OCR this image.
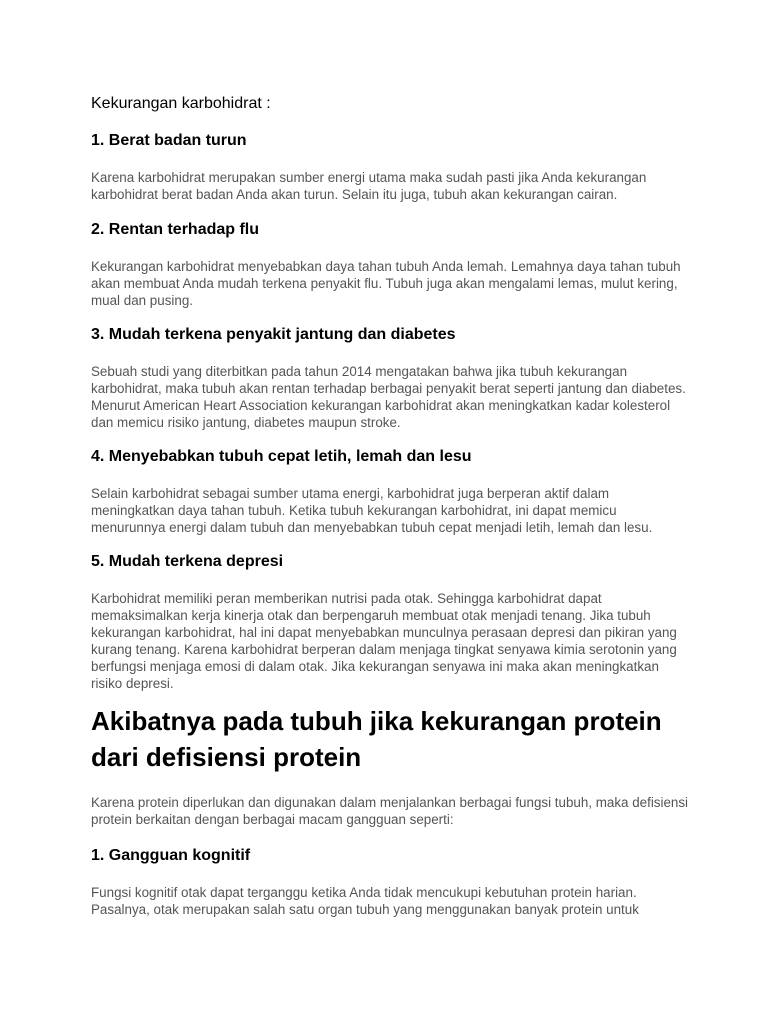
Kekurangan karbohidrat :
1. Berat badan turun

Karena karbohidrat merupakan sumber energi utama maka sudah pasti jika Anda kekurangan karbohidrat berat badan Anda akan turun. Selain itu juga, tubuh akan kekurangan cairan.

2. Rentan terhadap flu

Kekurangan karbohidrat menyebabkan daya tahan tubuh Anda lemah. Lemahnya daya tahan tubuh akan membuat Anda mudah terkena penyakit flu. Tubuh juga akan mengalami lemas, mulut kering, mual dan pusing.

3. Mudah terkena penyakit jantung dan diabetes

Sebuah studi yang diterbitkan pada tahun 2014 mengatakan bahwa jika tubuh kekurangan karbohidrat, maka tubuh akan rentan terhadap berbagai penyakit berat seperti jantung dan diabetes. Menurut American Heart Association kekurangan karbohidrat akan meningkatkan kadar kolesterol dan memicu risiko jantung, diabetes maupun stroke.

4. Menyebabkan tubuh cepat letih, lemah dan lesu

Selain karbohidrat sebagai sumber utama energi, karbohidrat juga berperan aktif dalam meningkatkan daya tahan tubuh. Ketika tubuh kekurangan karbohidrat, ini dapat memicu menurunnya energi dalam tubuh dan menyebabkan tubuh cepat menjadi letih, lemah dan lesu.

5. Mudah terkena depresi

Karbohidrat memiliki peran memberikan nutrisi pada otak. Sehingga karbohidrat dapat memaksimalkan kerja kinerja otak dan berpengaruh membuat otak menjadi tenang. Jika tubuh kekurangan karbohidrat, hal ini dapat menyebabkan munculnya perasaan depresi dan pikiran yang kurang tenang. Karena karbohidrat berperan dalam menjaga tingkat senyawa kimia serotonin yang berfungsi menjaga emosi di dalam otak. Jika kekurangan senyawa ini maka akan meningkatkan risiko depresi.

Akibatnya pada tubuh jika kekurangan protein dari defisiensi protein

Karena protein diperlukan dan digunakan dalam menjalankan berbagai fungsi tubuh, maka defisiensi protein berkaitan dengan berbagai macam gangguan seperti:

1. Gangguan kognitif

Fungsi kognitif otak dapat terganggu ketika Anda tidak mencukupi kebutuhan protein harian. Pasalnya, otak merupakan salah satu organ tubuh yang menggunakan banyak protein untuk
